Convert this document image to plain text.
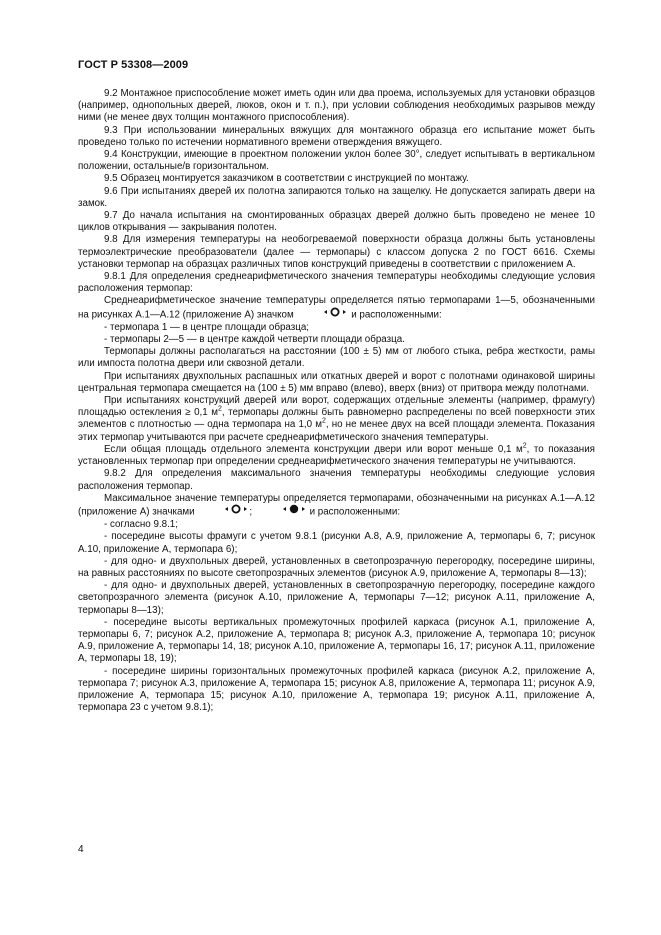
ГОСТ Р 53308—2009

9.2 Монтажное приспособление может иметь один или два проема, используемых для установки образцов (например, однопольных дверей, люков, окон и т. п.), при условии соблюдения необходимых разрывов между ними (не менее двух толщин монтажного приспособления).

9.3 При использовании минеральных вяжущих для монтажного образца его испытание может быть проведено только по истечении нормативного времени отверждения вяжущего.

9.4 Конструкции, имеющие в проектном положении уклон более 30°, следует испытывать в вертикальном положении, остальные/в горизонтальном.

9.5 Образец монтируется заказчиком в соответствии с инструкцией по монтажу.

9.6 При испытаниях дверей их полотна запираются только на защелку. Не допускается запирать двери на замок.

9.7 До начала испытания на смонтированных образцах дверей должно быть проведено не менее 10 циклов открывания — закрывания полотен.

9.8 Для измерения температуры на необогреваемой поверхности образца должны быть установлены термоэлектрические преобразователи (далее — термопары) с классом допуска 2 по ГОСТ 6616. Схемы установки термопар на образцах различных типов конструкций приведены в соответствии с приложением А.

9.8.1 Для определения среднеарифметического значения температуры необходимы следующие условия расположения термопар:

Среднеарифметическое значение температуры определяется пятью термопарами 1—5, обозначенными на рисунках А.1—А.12 (приложение А) значком	и расположенными:

- термопара 1 — в центре площади образца;

- термопары 2—5 — в центре каждой четверти площади образца.

Термопары должны располагаться на расстоянии (100 ± 5) мм от любого стыка, ребра жесткости, рамы или импоста полотна двери или сквозной детали.

При испытаниях двухпольных распашных или откатных дверей и ворот с полотнами одинаковой ширины центральная термопара смещается на (100 ± 5) мм вправо (влево), вверх (вниз) от притвора между полотнами.

При испытаниях конструкций дверей или ворот, содержащих отдельные элементы (например, фрамугу) площадью остекления ≥ 0,1 $м^2$, термопары должны быть равномерно распределены по всей поверхности этих элементов с плотностью — одна термопара на 1,0 $м^2$, но не менее двух на всей площади элемента. Показания этих термопар учитываются при расчете среднеарифметического значения температуры.

Если общая площадь отдельного элемента конструкции двери или ворот меньше 0,1 $м^2$, то показания установленных термопар при определении среднеарифметического значения температуры не учитываются.

9.8.2 Для определения максимального значения температуры необходимы следующие условия расположения термопар.

Максимальное значение температуры определяется термопарами, обозначенными на рисунках А.1—А.12 (приложение А) значками	;	и расположенными:

- согласно 9.8.1;

- посередине высоты фрамуги с учетом 9.8.1 (рисунки А.8, А.9, приложение А, термопары 6, 7; рисунок А.10, приложение А, термопара 6);

- для одно- и двухпольных дверей, установленных в светопрозрачную перегородку, посередине ширины, на равных расстояниях по высоте светопрозрачных элементов (рисунок А.9, приложение А, термопары 8—13);

- для одно- и двухпольных дверей, установленных в светопрозрачную перегородку, посередине каждого светопрозрачного элемента (рисунок А.10, приложение А, термопары 7—12; рисунок А.11, приложение А, термопары 8—13);

- посередине высоты вертикальных промежуточных профилей каркаса (рисунок А.1, приложение А, термопары 6, 7; рисунок А.2, приложение А, термопара 8; рисунок А.3, приложение А, термопара 10; рисунок А.9, приложение А, термопары 14, 18; рисунок А.10, приложение А, термопары 16, 17; рисунок А.11, приложение А, термопары 18, 19);

- посередине ширины горизонтальных промежуточных профилей каркаса (рисунок А.2, приложение А, термопара 7; рисунок А.3, приложение А, термопара 15; рисунок А.8, приложение А, термопара 11; рисунок А.9, приложение А, термопара 15; рисунок А.10, приложение А, термопара 19; рисунок А.11, приложение А, термопара 23 с учетом 9.8.1);

4
